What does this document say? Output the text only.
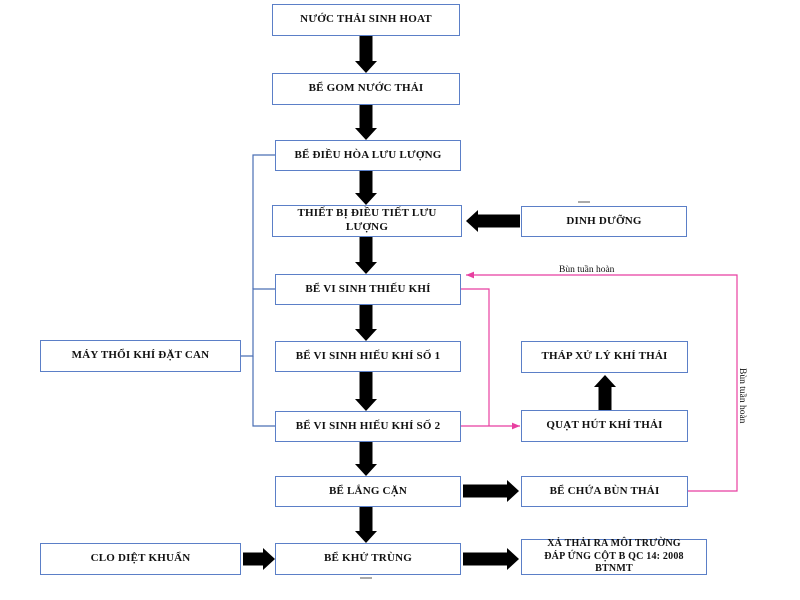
NƯỚC THẢI SINH HOAT
BỂ GOM NƯỚC THẢI
BỂ ĐIỀU HÒA LƯU LƯỢNG
THIẾT BỊ ĐIỀU TIẾT LƯU LƯỢNG
DINH DƯỠNG
BỂ VI SINH THIẾU KHÍ
MÁY THỔI KHÍ ĐẶT CAN	BỂ VI SINH HIẾU KHÍ SỐ 1	THÁP XỬ LÝ KHÍ THẢI
BỂ VI SINH HIẾU KHÍ SỐ 2	QUẠT HÚT KHÍ THẢI
BỂ LẮNG CẶN	BỂ CHỨA BÙN THẢI
CLO DIỆT KHUẨN	BỂ KHỬ TRÙNG
XẢ THẢI RA MÔI TRƯỜNG
ĐÁP ỨNG CỘT B QC 14: 2008 BTNMT
Bùn tuần hoàn
Bùn tuần hoàn
